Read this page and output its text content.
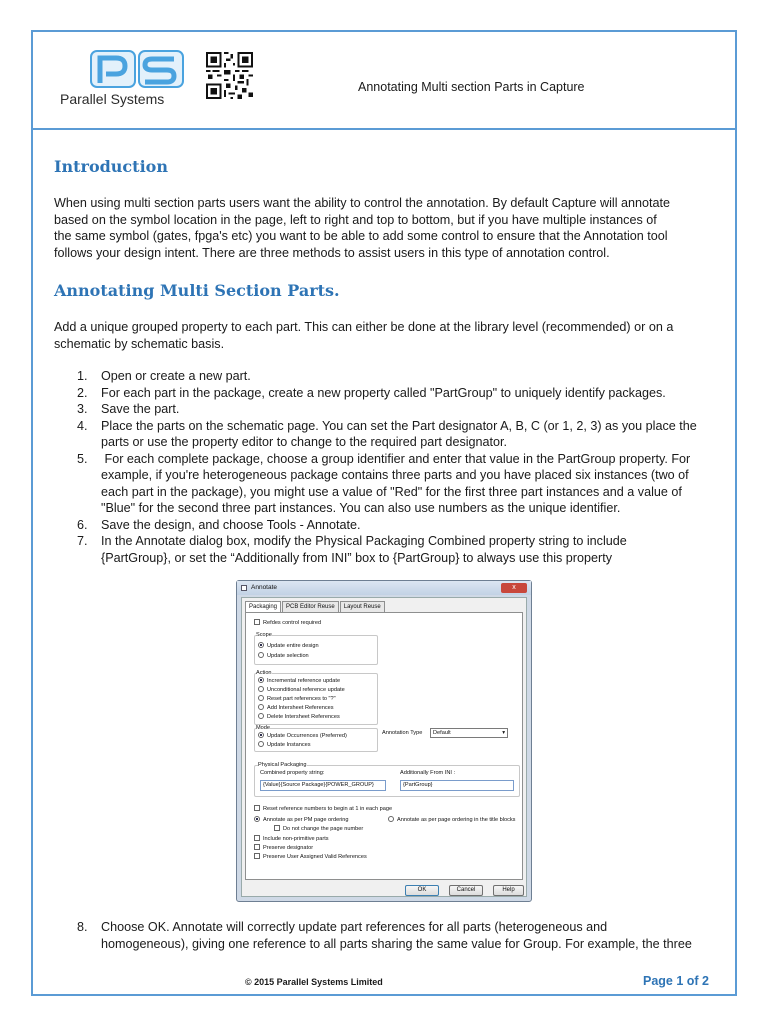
Parallel Systems
Annotating Multi section Parts in Capture
Introduction
When using multi section parts users want the ability to control the annotation. By default Capture will annotate
based on the symbol location in the page, left to right and top to bottom, but if you have multiple instances of
the same symbol (gates, fpga's etc) you want to be able to add some control to ensure that the Annotation tool
follows your design intent. There are three methods to assist users in this type of annotation control.
Annotating Multi Section Parts.
Add a unique grouped property to each part. This can either be done at the library level (recommended) or on a
schematic by schematic basis.
1. Open or create a new part.
2. For each part in the package, create a new property called "PartGroup" to uniquely identify packages.
3. Save the part.
4. Place the parts on the schematic page. You can set the Part designator A, B, C (or 1, 2, 3) as you place the
parts or use the property editor to change to the required part designator.
5. For each complete package, choose a group identifier and enter that value in the PartGroup property. For
example, if you're heterogeneous package contains three parts and you have placed six instances (two of
each part in the package), you might use a value of "Red" for the first three part instances and a value of
"Blue" for the second three part instances. You can also use numbers as the unique identifier.
6. Save the design, and choose Tools - Annotate.
7. In the Annotate dialog box, modify the Physical Packaging Combined property string to include
{PartGroup}, or set the “Additionally from INI” box to {PartGroup} to always use this property
Annotate	x
Packaging PCB Editor Reuse Layout Reuse
Refdes control required
Scope
Update entire design
Update selection
Action
Incremental reference update
Unconditional reference update
Reset part references to "?"
Add Intersheet References
Delete Intersheet References
Mode
Update Occurrences (Preferred)
Update Instances
Annotation Type	Default	▾
Physical Packaging
Combined property string:	Additionally From INI :
{Value}{Source Package}{POWER_GROUP}	{PartGroup}
Reset reference numbers to begin at 1 in each page
Annotate as per PM page ordering	Annotate as per page ordering in the title blocks
Do not change the page number
Include non-primitive parts
Preserve designator
Preserve User Assigned Valid References
OK	Cancel	Help
8. Choose OK. Annotate will correctly update part references for all parts (heterogeneous and
homogeneous), giving one reference to all parts sharing the same value for Group. For example, the three
© 2015 Parallel Systems Limited	Page 1 of 2
